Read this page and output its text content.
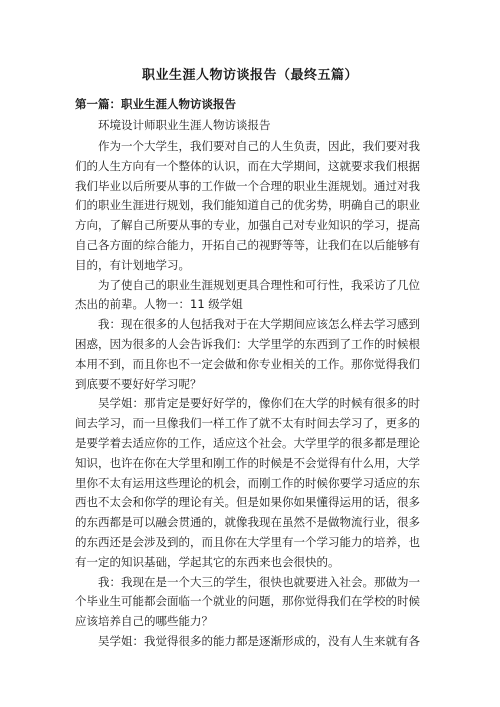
职业生涯人物访谈报告（最终五篇）
第一篇：职业生涯人物访谈报告
环境设计师职业生涯人物访谈报告
作为一个大学生，我们要对自己的人生负责，因此，我们要对我
们的人生方向有一个整体的认识，而在大学期间，这就要求我们根据
我们毕业以后所要从事的工作做一个合理的职业生涯规划。通过对我
们的职业生涯进行规划，我们能知道自己的优劣势，明确自己的职业
方向，了解自己所要从事的专业，加强自己对专业知识的学习，提高
自己各方面的综合能力，开拓自己的视野等等，让我们在以后能够有
目的，有计划地学习。
为了使自己的职业生涯规划更具合理性和可行性，我采访了几位
杰出的前辈。人物一：11 级学姐
我：现在很多的人包括我对于在大学期间应该怎么样去学习感到
困惑，因为很多的人会告诉我们：大学里学的东西到了工作的时候根
本用不到，而且你也不一定会做和你专业相关的工作。那你觉得我们
到底要不要好好学习呢？
吴学姐：那肯定是要好好学的，像你们在大学的时候有很多的时
间去学习，而一旦像我们一样工作了就不太有时间去学习了，更多的
是要学着去适应你的工作，适应这个社会。大学里学的很多都是理论
知识，也许在你在大学里和刚工作的时候是不会觉得有什么用，大学
里你不太有运用这些理论的机会，而刚工作的时候你要学习适应的东
西也不太会和你学的理论有关。但是如果你如果懂得运用的话，很多
的东西都是可以融会贯通的，就像我现在虽然不是做物流行业，很多
的东西还是会涉及到的，而且你在大学里有一个学习能力的培养，也
有一定的知识基础，学起其它的东西来也会很快的。
我：我现在是一个大三的学生，很快也就要进入社会。那做为一
个毕业生可能都会面临一个就业的问题，那你觉得我们在学校的时候
应该培养自己的哪些能力？
吴学姐：我觉得很多的能力都是逐渐形成的，没有人生来就有各
